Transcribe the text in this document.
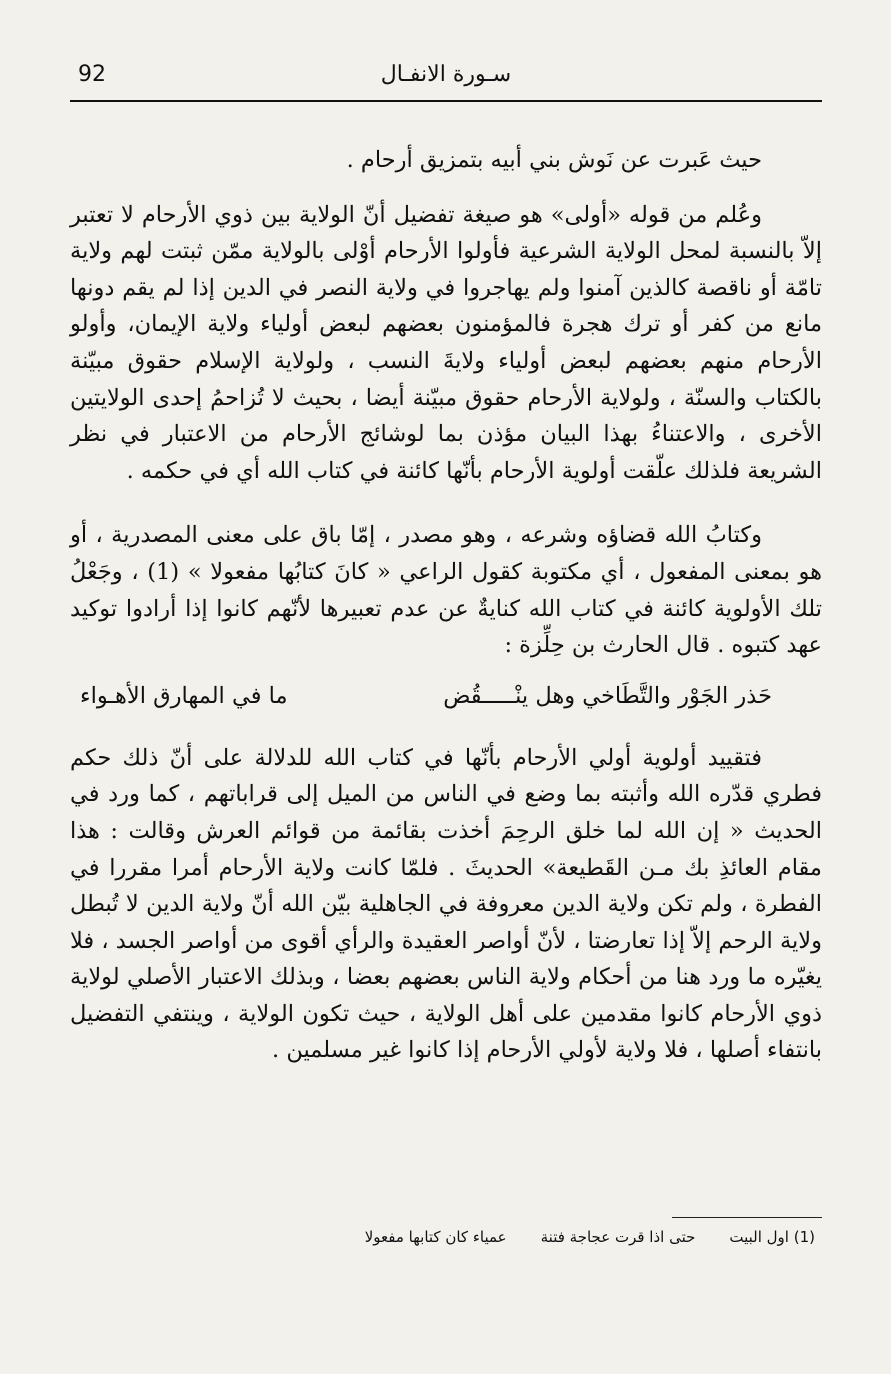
92	سـورة الانفـال

حيث عَبرت عن نَوش بني أبيه بتمزيق أرحام .

وعُلم من قوله «أولى» هو صيغة تفضيل أنّ الولاية بين ذوي الأرحام لا تعتبر إلاّ بالنسبة لمحل الولاية الشرعية فأولوا الأرحام أوْلى بالولاية ممّن ثبتت لهم ولاية تامّة أو ناقصة كالذين آمنوا ولم يهاجروا في ولاية النصر في الدين إذا لم يقم دونها مانع من كفر أو ترك هجرة فالمؤمنون بعضهم لبعض أولياء ولاية الإيمان، وأولو الأرحام منهم بعضهم لبعض أولياء ولايةَ النسب ، ولولاية الإسلام حقوق مبيّنة بالكتاب والسنّة ، ولولاية الأرحام حقوق مبيّنة أيضا ، بحيث لا تُزاحمُ إحدى الولايتين الأخرى ، والاعتناءُ بهذا البيان مؤذن بما لوشائج الأرحام من الاعتبار في نظر الشريعة فلذلك علّقت أولوية الأرحام بأنّها كائنة في كتاب الله أي في حكمه .

وكتابُ الله قضاؤه وشرعه ، وهو مصدر ، إمّا باق على معنى المصدرية ، أو هو بمعنى المفعول ، أي مكتوبة كقول الراعي « كانَ كتابُها مفعولا » (1) ، وجَعْلُ تلك الأولوية كائنة في كتاب الله كنايةٌ عن عدم تعبيرها لأنّهم كانوا إذا أرادوا توكيد عهد كتبوه . قال الحارث بن حِلِّزة :

حَذر الجَوْر والتَّطَاخي وهل ينْـــــقُض
ما في المهارق الأهـواء

فتقييد أولوية أولي الأرحام بأنّها في كتاب الله للدلالة على أنّ ذلك حكم فطري قدّره الله وأثبته بما وضع في الناس من الميل إلى قراباتهم ، كما ورد في الحديث « إن الله لما خلق الرحِمَ أخذت بقائمة من قوائم العرش وقالت : هذا مقام العائذِ بك مـن القَطيعة» الحديثَ . فلمّا كانت ولاية الأرحام أمرا مقررا في الفطرة ، ولم تكن ولاية الدين معروفة في الجاهلية بيّن الله أنّ ولاية الدين لا تُبطل ولاية الرحم إلاّ إذا تعارضتا ، لأنّ أواصر العقيدة والرأي أقوى من أواصر الجسد ، فلا يغيّره ما ورد هنا من أحكام ولاية الناس بعضهم بعضا ، وبذلك الاعتبار الأصلي لولاية ذوي الأرحام كانوا مقدمين على أهل الولاية ، حيث تكون الولاية ، وينتفي التفضيل بانتفاء أصلها ، فلا ولاية لأولي الأرحام إذا كانوا غير مسلمين .

(1) اول البيت
حتى اذا قرت عجاجة فتنة
عمياء كان كتابها مفعولا
